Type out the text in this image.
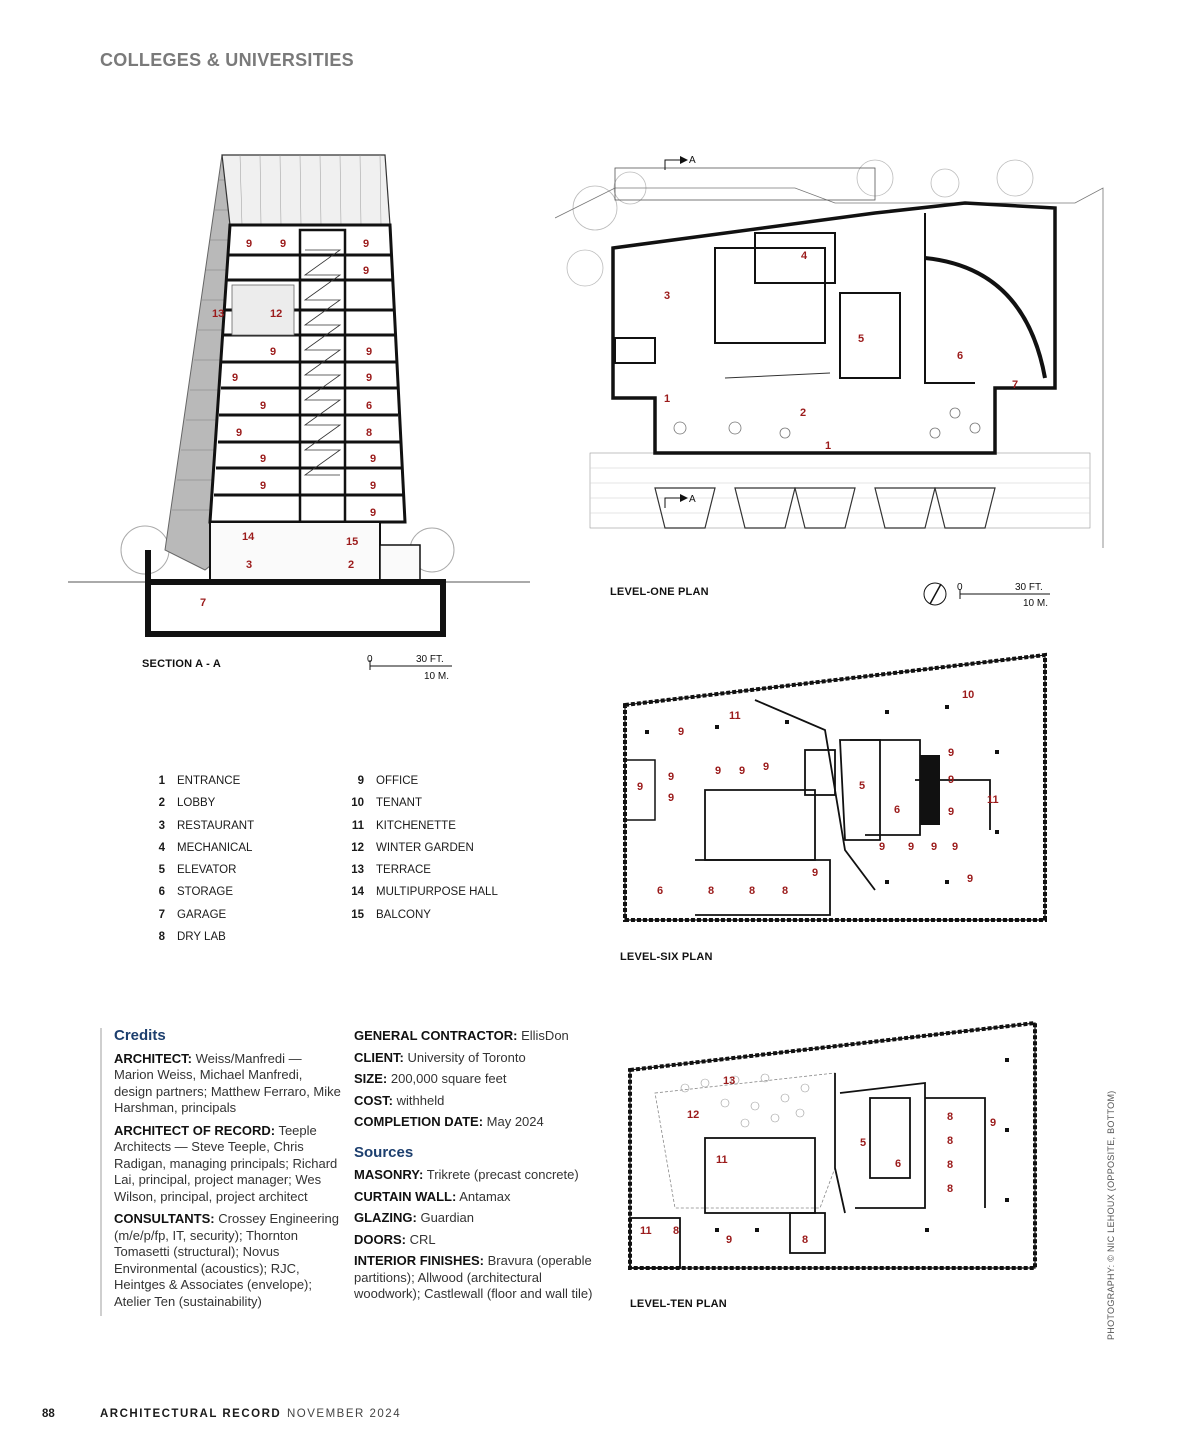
COLLEGES & UNIVERSITIES
9	9	9
9
13	12
9	9
9	9
9	6
9	8
9	9
9	9
9
14	15
3	2
7
0	30 FT.
10 M.
SECTION A - A
4
3
5
6
7
1
2
1
A
A
0	30 FT.
10 M.
LEVEL-ONE PLAN
1 ENTRANCE
2 LOBBY
3 RESTAURANT
4 MECHANICAL
5 ELEVATOR
6 STORAGE
7 GARAGE
8 DRY LAB
9 OFFICE
10 TENANT
11 KITCHENETTE
12 WINTER GARDEN
13 TERRACE
14 MULTIPURPOSE HALL
15 BALCONY
10
11
9
9 9 9
9
9
9
9
9
5
9
11
6
9 9 9 9
9
9
6	8	8 8
LEVEL-SIX PLAN
13
12
5
8	9
8
11	6	8
8
11 8
9	8
LEVEL-TEN PLAN
Credits

ARCHITECT: Weiss/Manfredi — Marion Weiss, Michael Manfredi, design partners; Matthew Ferraro, Mike Harshman, principals

ARCHITECT OF RECORD: Teeple Architects — Steve Teeple, Chris Radigan, managing principals; Richard Lai, principal, project manager; Wes Wilson, principal, project architect

CONSULTANTS: Crossey Engineering (m/e/p/fp, IT, security); Thornton Tomasetti (structural); Novus Environmental (acoustics); RJC, Heintges & Associates (envelope); Atelier Ten (sustainability)

GENERAL CONTRACTOR: EllisDon

CLIENT: University of Toronto

SIZE: 200,000 square feet

COST: withheld

COMPLETION DATE: May 2024

Sources

MASONRY: Trikrete (precast concrete)

CURTAIN WALL: Antamax

GLAZING: Guardian

DOORS: CRL

INTERIOR FINISHES: Bravura (operable partitions); Allwood (architectural woodwork); Castlewall (floor and wall tile)	PHOTOGRAPHY: © NIC LEHOUX (OPPOSITE, BOTTOM)
88	ARCHITECTURAL RECORD NOVEMBER 2024
